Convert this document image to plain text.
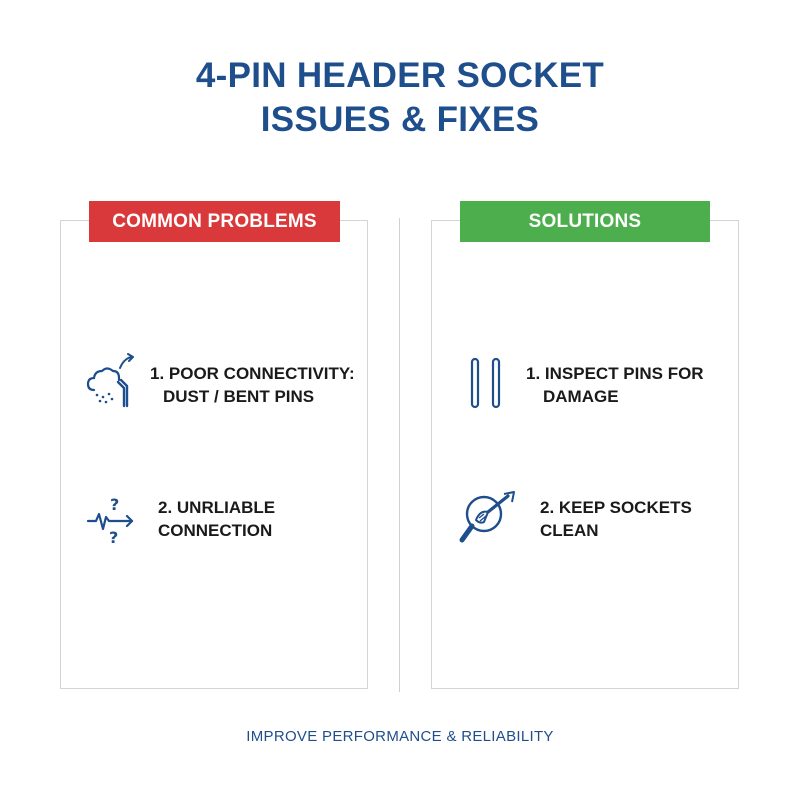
4-PIN HEADER SOCKET
ISSUES & FIXES
COMMON PROBLEMS
1. POOR CONNECTIVITY:
DUST / BENT PINS
?
?
2. UNRLIABLE
CONNECTION
SOLUTIONS
1. INSPECT PINS FOR
DAMAGE
2. KEEP SOCKETS
CLEAN
IMPROVE PERFORMANCE & RELIABILITY
